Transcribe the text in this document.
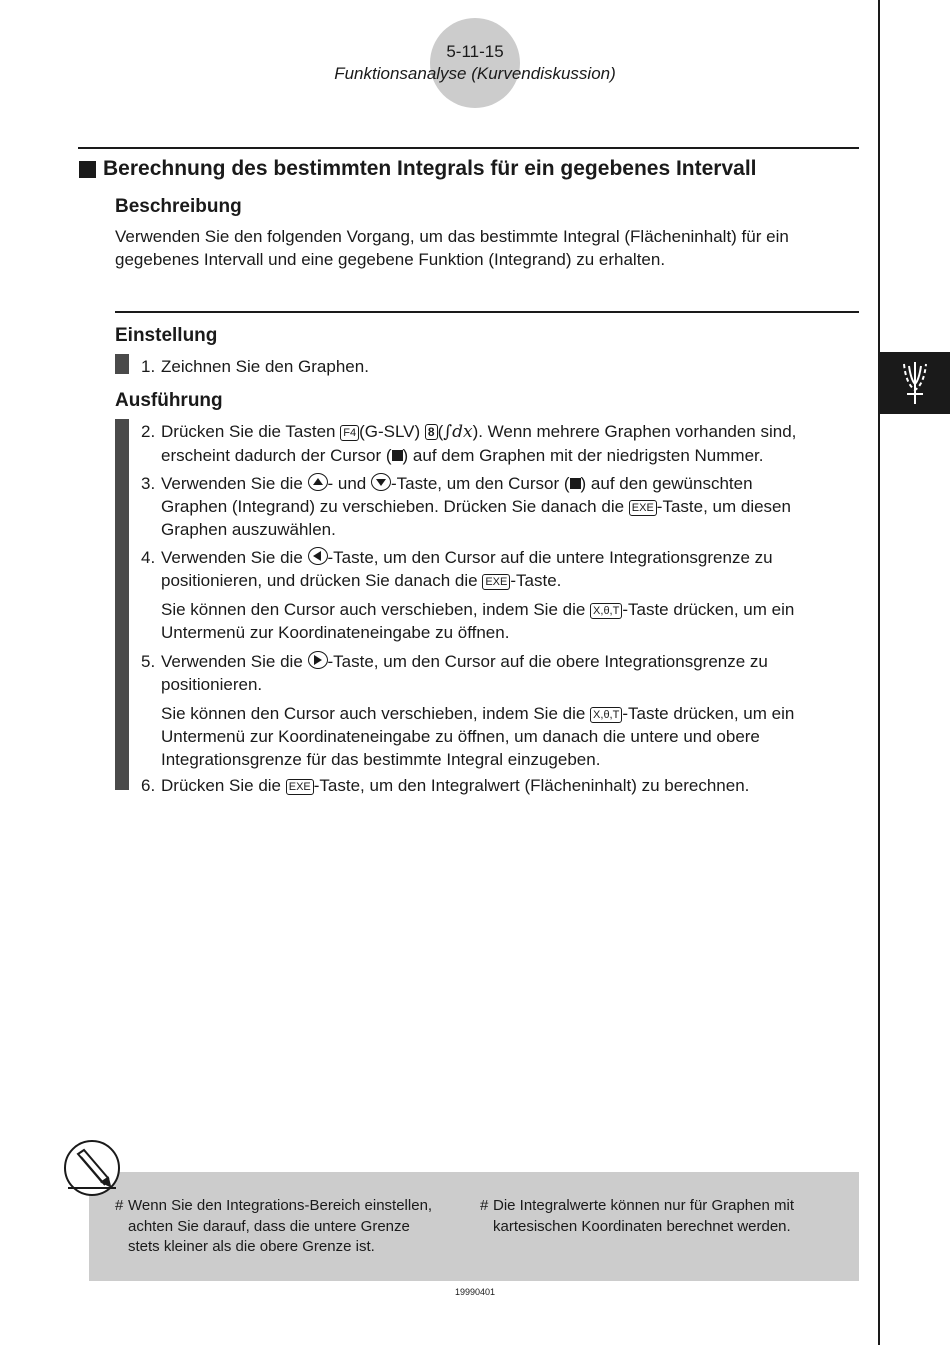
5-11-15
Funktionsanalyse (Kurvendiskussion)
Berechnung des bestimmten Integrals für ein gegebenes Intervall
Beschreibung
Verwenden Sie den folgenden Vorgang, um das bestimmte Integral (Flächeninhalt) für ein
gegebenes Intervall und eine gegebene Funktion (Integrand) zu erhalten.
Einstellung
1. Zeichnen Sie den Graphen.
Ausführung
2. Drücken Sie die Tasten F4 (G-SLV) 8 (∫dx). Wenn mehrere Graphen vorhanden sind,
erscheint dadurch der Cursor ( ) auf dem Graphen mit der niedrigsten Nummer.
3. Verwenden Sie die - und -Taste, um den Cursor ( ) auf den gewünschten
Graphen (Integrand) zu verschieben. Drücken Sie danach die EXE -Taste, um diesen
Graphen auszuwählen.
4. Verwenden Sie die -Taste, um den Cursor auf die untere Integrationsgrenze zu
positionieren, und drücken Sie danach die EXE -Taste.
Sie können den Cursor auch verschieben, indem Sie die X,θ,T -Taste drücken, um ein
Untermenü zur Koordinateneingabe zu öffnen.
5. Verwenden Sie die -Taste, um den Cursor auf die obere Integrationsgrenze zu
positionieren.
Sie können den Cursor auch verschieben, indem Sie die X,θ,T -Taste drücken, um ein
Untermenü zur Koordinateneingabe zu öffnen, um danach die untere und obere
Integrationsgrenze für das bestimmte Integral einzugeben.
6. Drücken Sie die EXE -Taste, um den Integralwert (Flächeninhalt) zu berechnen.
# Wenn Sie den Integrations-Bereich einstellen,
achten Sie darauf, dass die untere Grenze
stets kleiner als die obere Grenze ist.
# Die Integralwerte können nur für Graphen mit
kartesischen Koordinaten berechnet werden.
19990401
